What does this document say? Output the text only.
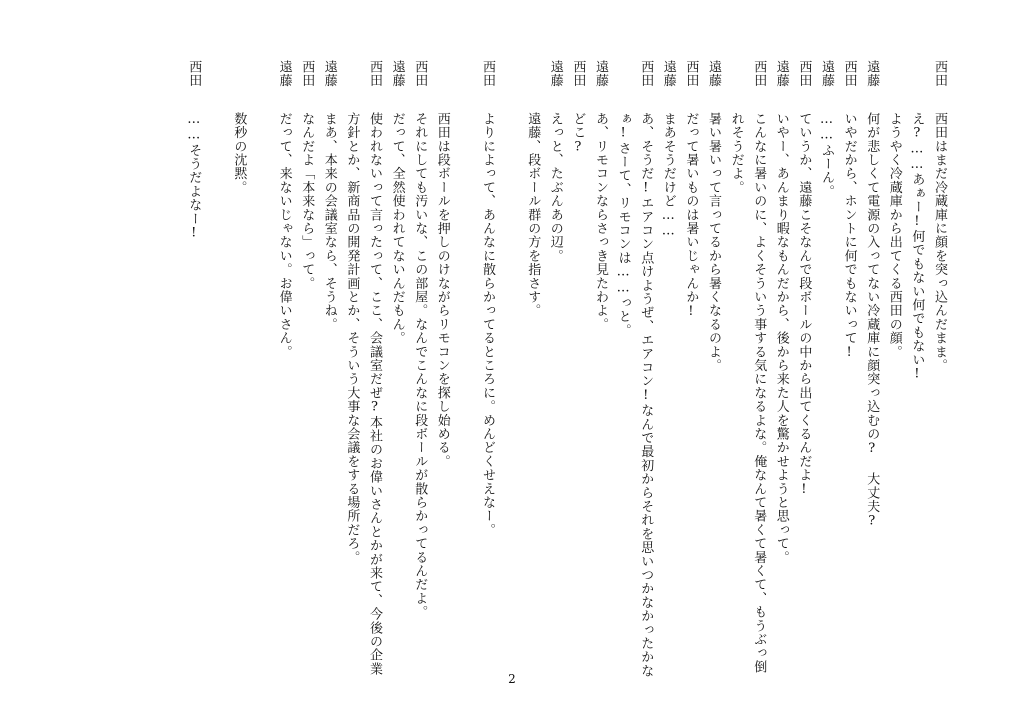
西田
西田はまだ冷蔵庫に顔を突っ込んだまま。
え?……あぁー!何でもない何でもない!
ようやく冷蔵庫から出てくる西田の顔。
遠藤
何が悲しくて電源の入ってない冷蔵庫に顔突っ込むの? 大丈夫?
西田
いやだから、ホントに何でもないって!
遠藤
……ふーん。
西田
ていうか、遠藤こそなんで段ボールの中から出てくるんだよ!
遠藤
いやー、あんまり暇なもんだから、後から来た人を驚かせようと思って。
西田
こんなに暑いのに、よくそういう事する気になるよな。俺なんて暑くて暑くて、もうぶっ倒
れそうだよ。
遠藤
暑い暑いって言ってるから暑くなるのよ。
西田
だって暑いものは暑いじゃんか!
遠藤
まあそうだけど……
西田
あ、そうだ!エアコン点けようぜ、エアコン!なんで最初からそれを思いつかなかったかな
ぁ!さーて、リモコンは……っと。
遠藤
あ、リモコンならさっき見たわよ。
西田
どこ?
遠藤
えっと、たぶんあの辺。
遠藤、段ボール群の方を指さす。
西田
よりによって、あんなに散らかってるところに。めんどくせえなー。
西田は段ボールを押しのけながらリモコンを探し始める。
西田
それにしても汚いな、この部屋。なんでこんなに段ボールが散らかってるんだよ。
遠藤
だって、全然使われてないんだもん。
西田
使われないって言ったって、ここ、会議室だぜ?本社のお偉いさんとかが来て、今後の企業
方針とか、新商品の開発計画とか、そういう大事な会議をする場所だろ。
遠藤
まあ、本来の会議室なら、そうね。
西田
なんだよ「本来なら」って。
遠藤
だって、来ないじゃない。お偉いさん。
数秒の沈黙。
西田
……そうだよなー!
2
